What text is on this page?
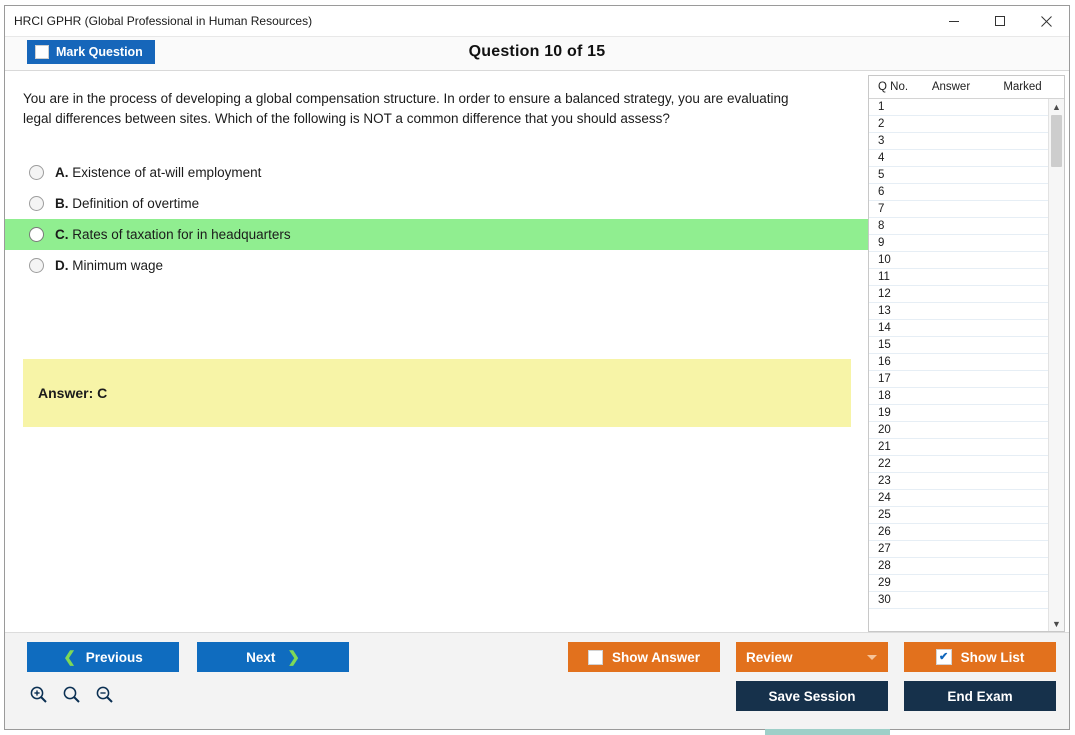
HRCI GPHR (Global Professional in Human Resources)
Mark Question	Question 10 of 15
You are in the process of developing a global compensation structure. In order to ensure a balanced strategy, you are evaluating legal differences between sites. Which of the following is NOT a common difference that you should assess?
A. Existence of at-will employment
B. Definition of overtime
C. Rates of taxation for in headquarters
D. Minimum wage
Answer: C
Q No.	Answer	Marked
1
2
3
4
5
6
7
8
9
10
11
12
13
14
15
16
17
18
19
20
21
22
23
24
25
26
27
28
29
30
▲
▼
❮ Previous	Next ❯	Show Answer	Review	✔ Show List
Save Session	End Exam
